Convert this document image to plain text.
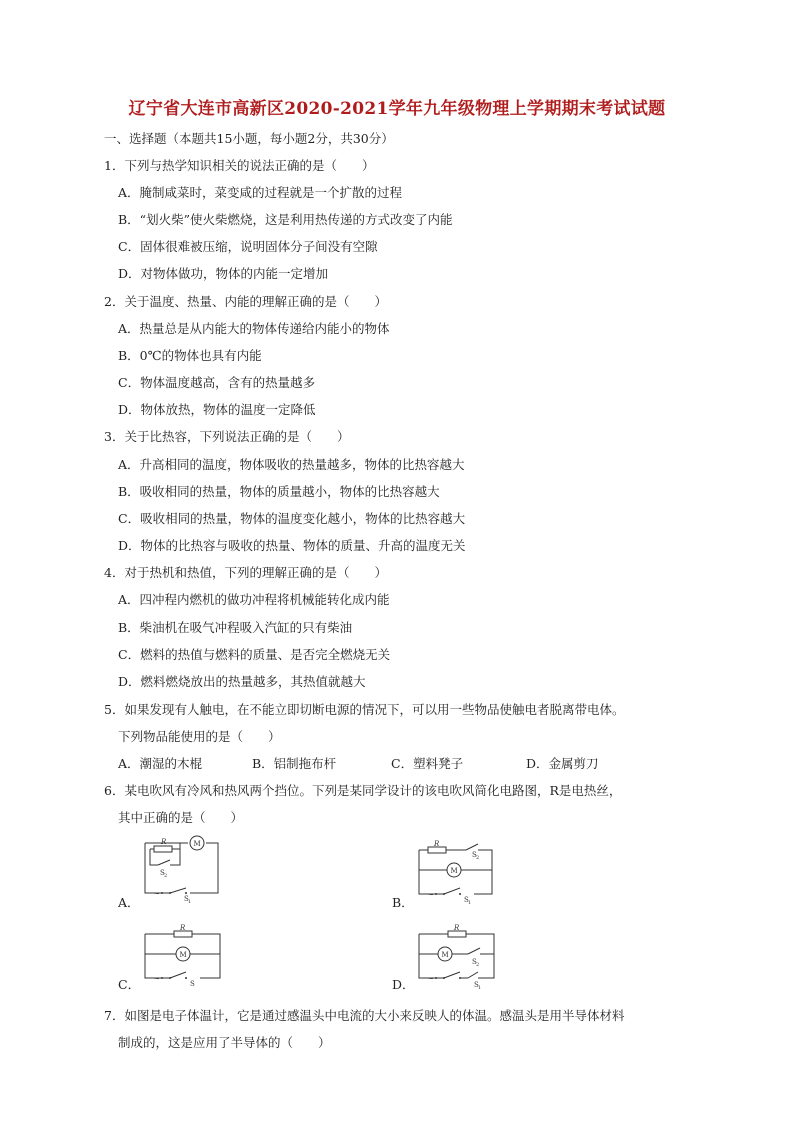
辽宁省大连市高新区2020-2021学年九年级物理上学期期末考试试题
一、选择题（本题共15小题，每小题2分，共30分）
1．下列与热学知识相关的说法正确的是（　　）
A．腌制咸菜时，菜变咸的过程就是一个扩散的过程
B．“划火柴”使火柴燃烧，这是利用热传递的方式改变了内能
C．固体很难被压缩，说明固体分子间没有空隙
D．对物体做功，物体的内能一定增加
2．关于温度、热量、内能的理解正确的是（　　）
A．热量总是从内能大的物体传递给内能小的物体
B．0℃的物体也具有内能
C．物体温度越高，含有的热量越多
D．物体放热，物体的温度一定降低
3．关于比热容，下列说法正确的是（　　）
A．升高相同的温度，物体吸收的热量越多，物体的比热容越大
B．吸收相同的热量，物体的质量越小，物体的比热容越大
C．吸收相同的热量，物体的温度变化越小，物体的比热容越大
D．物体的比热容与吸收的热量、物体的质量、升高的温度无关
4．对于热机和热值，下列的理解正确的是（　　）
A．四冲程内燃机的做功冲程将机械能转化成内能
B．柴油机在吸气冲程吸入汽缸的只有柴油
C．燃料的热值与燃料的质量、是否完全燃烧无关
D．燃料燃烧放出的热量越多，其热值就越大
5．如果发现有人触电，在不能立即切断电源的情况下，可以用一些物品使触电者脱离带电体。
下列物品能使用的是（　　）
A．潮湿的木棍	B．铝制拖布杆	C．塑料凳子	D．金属剪刀
6．某电吹风有冷风和热风两个挡位。下列是某同学设计的该电吹风简化电路图，R是电热丝，
其中正确的是（　　）
A．
R	M
S 2
~
S 1	B．
R
M
S 2
~
S 1
C．
R
M
~
S	D．
R
M
S 2
~
S 1
7．如图是电子体温计，它是通过感温头中电流的大小来反映人的体温。感温头是用半导体材料
制成的，这是应用了半导体的（　　）
